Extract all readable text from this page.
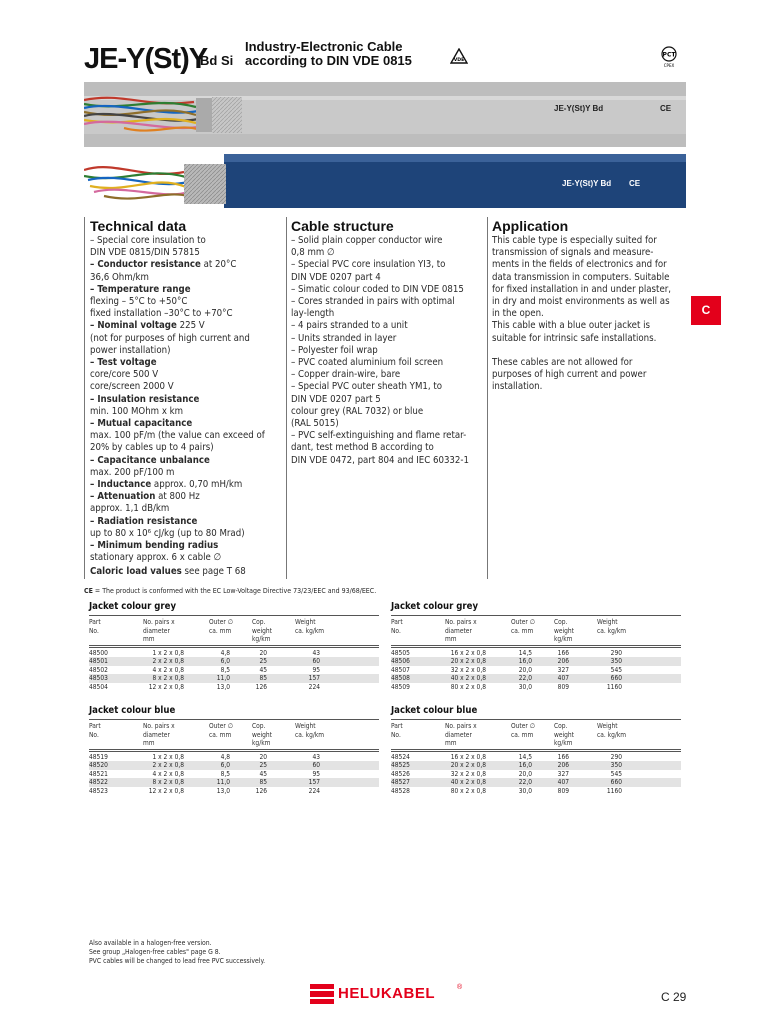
JE-Y(St)Y
Bd Si
Industry-Electronic Cable
according to DIN VDE 0815	VDE
PCT
CPEX
JE-Y(St)Y Bd	CE
JE-Y(St)Y Bd CE
Technical data
– Special core insulation to
DIN VDE 0815/DIN 57815
– Conductor resistance at 20°C
36,6 Ohm/km
– Temperature range
flexing – 5°C to +50°C
fixed installation –30°C to +70°C
– Nominal voltage 225 V
(not for purposes of high current and
power installation)
– Test voltage
core/core 500 V
core/screen 2000 V
– Insulation resistance
min. 100 MOhm x km
– Mutual capacitance
max. 100 pF/m (the value can exceed of
20% by cables up to 4 pairs)
– Capacitance unbalance
max. 200 pF/100 m
– Inductance approx. 0,70 mH/km
– Attenuation at 800 Hz
approx. 1,1 dB/km
– Radiation resistance
up to 80 x 10⁶ cJ/kg (up to 80 Mrad)
– Minimum bending radius
stationary approx. 6 x cable ∅
Caloric load values see page T 68
Cable structure
– Solid plain copper conductor wire
0,8 mm ∅
– Special PVC core insulation YI3, to
DIN VDE 0207 part 4
– Simatic colour coded to DIN VDE 0815
– Cores stranded in pairs with optimal
lay-length
– 4 pairs stranded to a unit
– Units stranded in layer
– Polyester foil wrap
– PVC coated aluminium foil screen
– Copper drain-wire, bare
– Special PVC outer sheath YM1, to
DIN VDE 0207 part 5
colour grey (RAL 7032) or blue
(RAL 5015)
– PVC self-extinguishing and flame retar-
dant, test method B according to
DIN VDE 0472, part 804 and IEC 60332-1
Application
This cable type is especially suited for
transmission of signals and measure-
ments in the fields of electronics and for
data transmission in computers. Suitable
for fixed installation in and under plaster,
in dry and moist environments as well as
in the open.
This cable with a blue outer jacket is
suitable for intrinsic safe installations.
These cables are not allowed for
purposes of high current and power
installation.
C
CE = The product is conformed with the EC Low-Voltage Directive 73/23/EEC and 93/68/EEC.
Jacket colour grey
Part
No.
No. pairs x
diameter
mm
Outer ∅
ca. mm
Cop.
weight
kg/km
Weight
ca. kg/km
48500	1 x 2 x 0,8	4,8	20	43
48501	2 x 2 x 0,8	6,0	25	60
48502	4 x 2 x 0,8	8,5	45	95
48503	8 x 2 x 0,8	11,0	85	157
48504	12 x 2 x 0,8	13,0	126	224
Jacket colour grey
Part
No.
No. pairs x
diameter
mm
Outer ∅
ca. mm
Cop.
weight
kg/km
Weight
ca. kg/km
48505	16 x 2 x 0,8	14,5	166	290
48506	20 x 2 x 0,8	16,0	206	350
48507	32 x 2 x 0,8	20,0	327	545
48508	40 x 2 x 0,8	22,0	407	660
48509	80 x 2 x 0,8	30,0	809	1160
Jacket colour blue
Part
No.
No. pairs x
diameter
mm
Outer ∅
ca. mm
Cop.
weight
kg/km
Weight
ca. kg/km
48519	1 x 2 x 0,8	4,8	20	43
48520	2 x 2 x 0,8	6,0	25	60
48521	4 x 2 x 0,8	8,5	45	95
48522	8 x 2 x 0,8	11,0	85	157
48523	12 x 2 x 0,8	13,0	126	224
Jacket colour blue
Part
No.
No. pairs x
diameter
mm
Outer ∅
ca. mm
Cop.
weight
kg/km
Weight
ca. kg/km
48524	16 x 2 x 0,8	14,5	166	290
48525	20 x 2 x 0,8	16,0	206	350
48526	32 x 2 x 0,8	20,0	327	545
48527	40 x 2 x 0,8	22,0	407	660
48528	80 x 2 x 0,8	30,0	809	1160
Also available in a halogen-free version.
See group „Halogen-free cables" page G 8.
PVC cables will be changed to lead free PVC successively.
HELUKABEL	®
C 29
